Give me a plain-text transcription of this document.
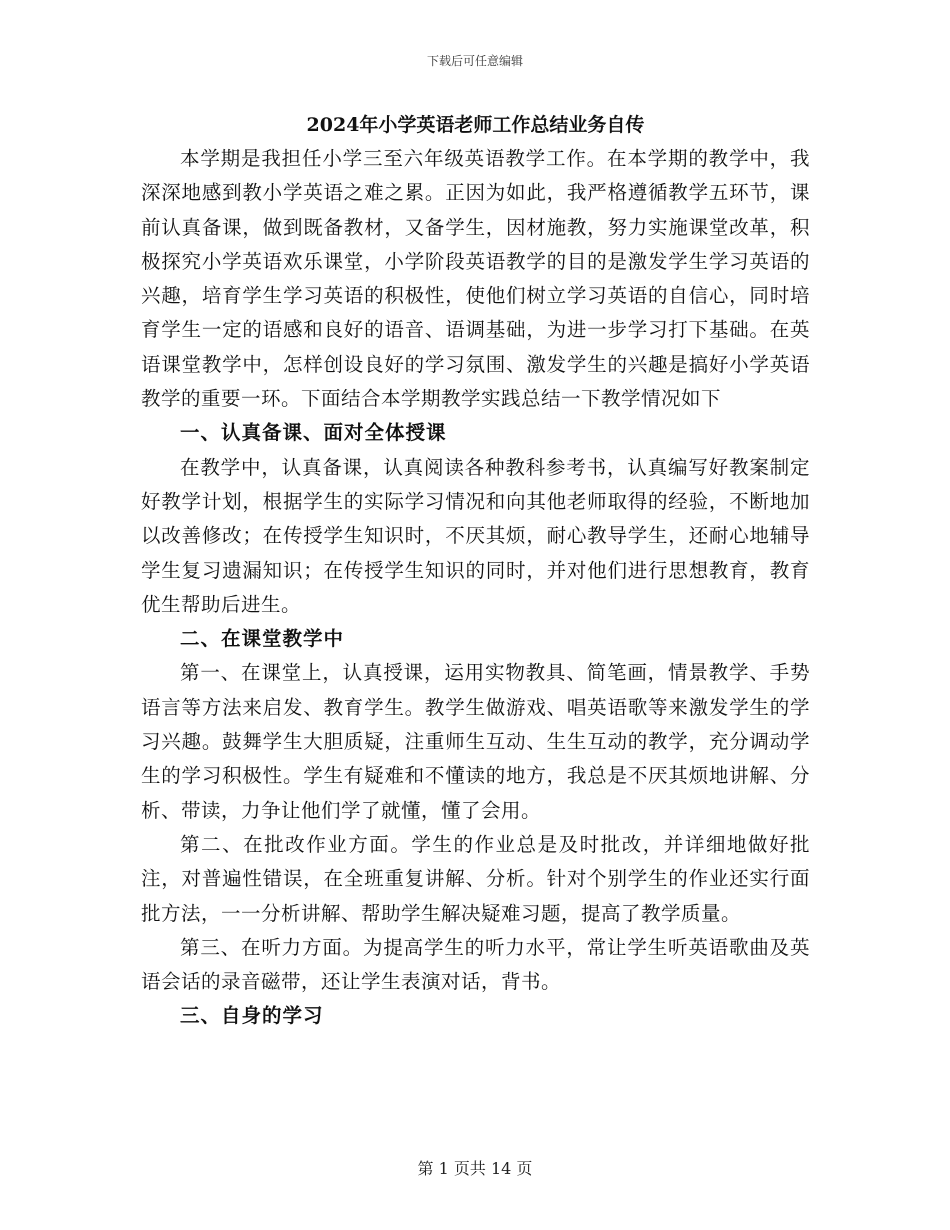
下载后可任意编辑
2024年小学英语老师工作总结业务自传

本学期是我担任小学三至六年级英语教学工作。在本学期的教学中，我深深地感到教小学英语之难之累。正因为如此，我严格遵循教学五环节，课前认真备课，做到既备教材，又备学生，因材施教，努力实施课堂改革，积极探究小学英语欢乐课堂，小学阶段英语教学的目的是激发学生学习英语的兴趣，培育学生学习英语的积极性，使他们树立学习英语的自信心，同时培育学生一定的语感和良好的语音、语调基础，为进一步学习打下基础。在英语课堂教学中，怎样创设良好的学习氛围、激发学生的兴趣是搞好小学英语教学的重要一环。下面结合本学期教学实践总结一下教学情况如下

一、认真备课、面对全体授课

在教学中，认真备课，认真阅读各种教科参考书，认真编写好教案制定好教学计划，根据学生的实际学习情况和向其他老师取得的经验，不断地加以改善修改；在传授学生知识时，不厌其烦，耐心教导学生，还耐心地辅导学生复习遗漏知识；在传授学生知识的同时，并对他们进行思想教育，教育优生帮助后进生。

二、在课堂教学中

第一、在课堂上，认真授课，运用实物教具、简笔画，情景教学、手势语言等方法来启发、教育学生。教学生做游戏、唱英语歌等来激发学生的学习兴趣。鼓舞学生大胆质疑，注重师生互动、生生互动的教学，充分调动学生的学习积极性。学生有疑难和不懂读的地方，我总是不厌其烦地讲解、分析、带读，力争让他们学了就懂，懂了会用。

第二、在批改作业方面。学生的作业总是及时批改，并详细地做好批注，对普遍性错误，在全班重复讲解、分析。针对个别学生的作业还实行面批方法，一一分析讲解、帮助学生解决疑难习题，提高了教学质量。

第三、在听力方面。为提高学生的听力水平，常让学生听英语歌曲及英语会话的录音磁带，还让学生表演对话，背书。

三、自身的学习

第 1 页共 14 页
